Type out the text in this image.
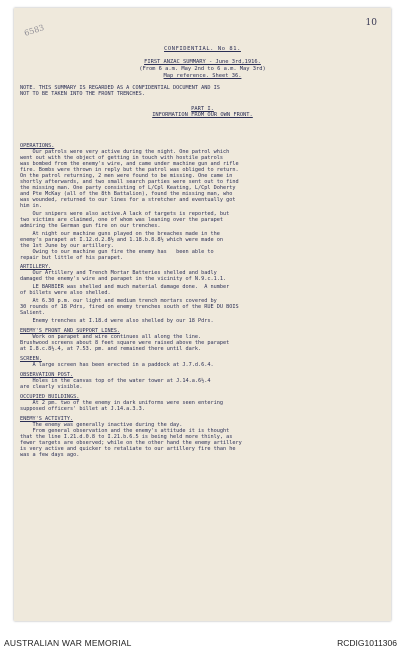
6583
10
CONFIDENTIAL. No 81.
FIRST ANZAC SUMMARY - June 3rd,1916.
(From 6 a.m. May 2nd to 6 a.m. May 3rd)
Map reference. Sheet 36.
NOTE. THIS SUMMARY IS REGARDED AS A CONFIDENTIAL DOCUMENT AND IS
NOT TO BE TAKEN INTO THE FRONT TRENCHES.
PART I.
INFORMATION FROM OUR OWN FRONT.
OPERATIONS.
Our patrols were very active during the night. One patrol which
went out with the object of getting in touch with hostile patrols
was bombed from the enemy's wire, and came under machine gun and rifle
fire. Bombs were thrown in reply but the patrol was obliged to return.
On the patrol returning, 2 men were found to be missing. One came in
shortly afterwards, and two small search parties were sent out to find
the missing man. One party consisting of L/Cpl Keating, L/Cpl Doherty
and Pte McKay (all of the 8th Battalion), found the missing man, who
was wounded, returned to our lines for a stretcher and eventually got
him in.
Our snipers were also active.A lack of targets is reported, but
two victims are claimed, one of whom was leaning over the parapet
admiring the German gun fire on our trenches.
At night our machine guns played on the breaches made in the
enemy's parapet at I.12.d.2.8½ and 1.18.b.8.8½ which were made on
the 1st June by our artillery.
Owing to our machine gun fire the enemy has   been able to
repair but little of his parapet.
ARTILLERY.
Our Artillery and Trench Mortar Batteries shelled and badly
damaged the enemy's wire and parapet in the vicinity of N.9.c.1.1.
LE BARBIER was shelled and much material damage done.  A number
of billets were also shelled.
At 6.30 p.m. our light and medium trench mortars covered by
30 rounds of 18 Pdrs, fired on enemy trenches south of the RUE DU BOIS
Salient.
Enemy trenches at I.18.d were also shelled by our 18 Pdrs.
ENEMY'S FRONT AND SUPPORT LINES.
Work on parapet and wire continues all along the line.
Brushwood screens about 8 feet square were raised above the parapet
at I.8.c.8½.4, at 7.53. pm. and remained there until dark.
SCREEN.
A large screen has been erected in a paddock at J.7.d.6.4.
OBSERVATION POST.
Holes in the canvas top of the water tower at J.14.a.6½.4
are clearly visible.
OCCUPIED BUILDINGS.
At 2 pm. two of the enemy in dark uniforms were seen entering
supposed officers' billet at J.14.a.3.3.
ENEMY'S ACTIVITY.
The enemy was generally inactive during the day.
From general observation and the enemy's attitude it is thought
that the line I.21.d.0.8 to I.21.b.6.5 is being held more thinly, as
fewer targets are observed; while on the other hand the enemy artillery
is very active and quicker to retaliate to our artillery fire than he
was a few days ago.
AUSTRALIAN WAR MEMORIAL	RCDIG1011306
